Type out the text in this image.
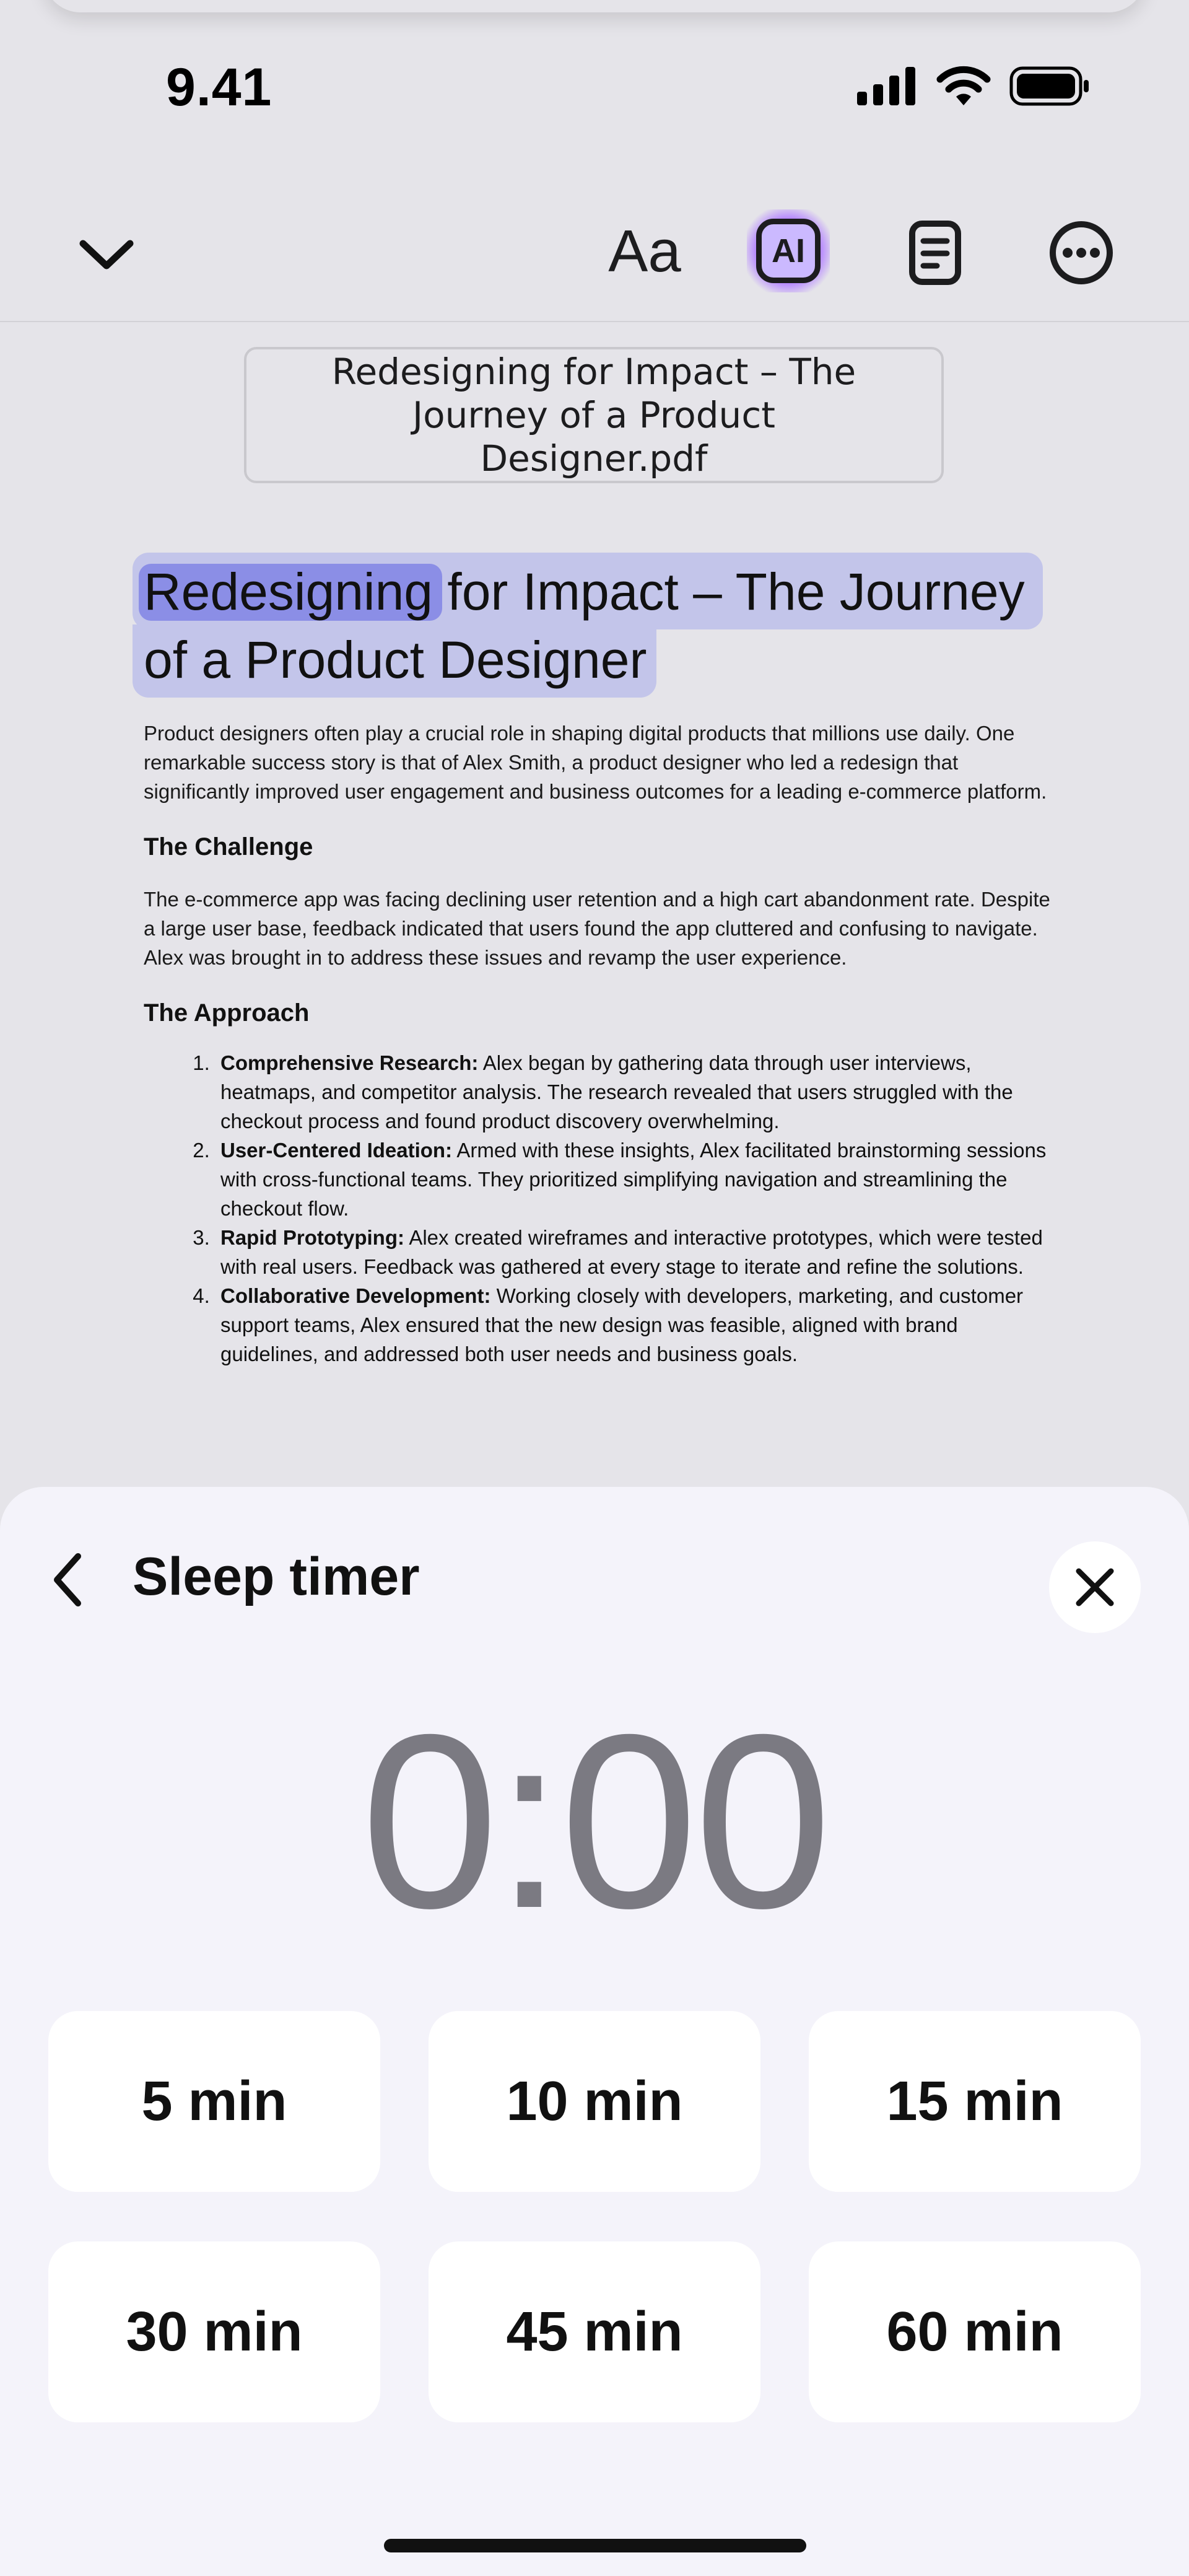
9.41
Aa	AI
Redesigning for Impact – The Journey of a Product Designer.pdf
Redesigning for Impact – The Journey of a Product Designer

Product designers often play a crucial role in shaping digital products that millions use daily. One remarkable success story is that of Alex Smith, a product designer who led a redesign that significantly improved user engagement and business outcomes for a leading e-commerce platform.

The Challenge

The e-commerce app was facing declining user retention and a high cart abandonment rate. Despite a large user base, feedback indicated that users found the app cluttered and confusing to navigate. Alex was brought in to address these issues and revamp the user experience.

The Approach
1. Comprehensive Research: Alex began by gathering data through user interviews, heatmaps, and competitor analysis. The research revealed that users struggled with the checkout process and found product discovery overwhelming.
2. User-Centered Ideation: Armed with these insights, Alex facilitated brainstorming sessions with cross-functional teams. They prioritized simplifying navigation and streamlining the checkout flow.
3. Rapid Prototyping: Alex created wireframes and interactive prototypes, which were tested with real users. Feedback was gathered at every stage to iterate and refine the solutions.
4. Collaborative Development: Working closely with developers, marketing, and customer support teams, Alex ensured that the new design was feasible, aligned with brand guidelines, and addressed both user needs and business goals.
Sleep timer
0:00
5 min	10 min	15 min
30 min	45 min	60 min
